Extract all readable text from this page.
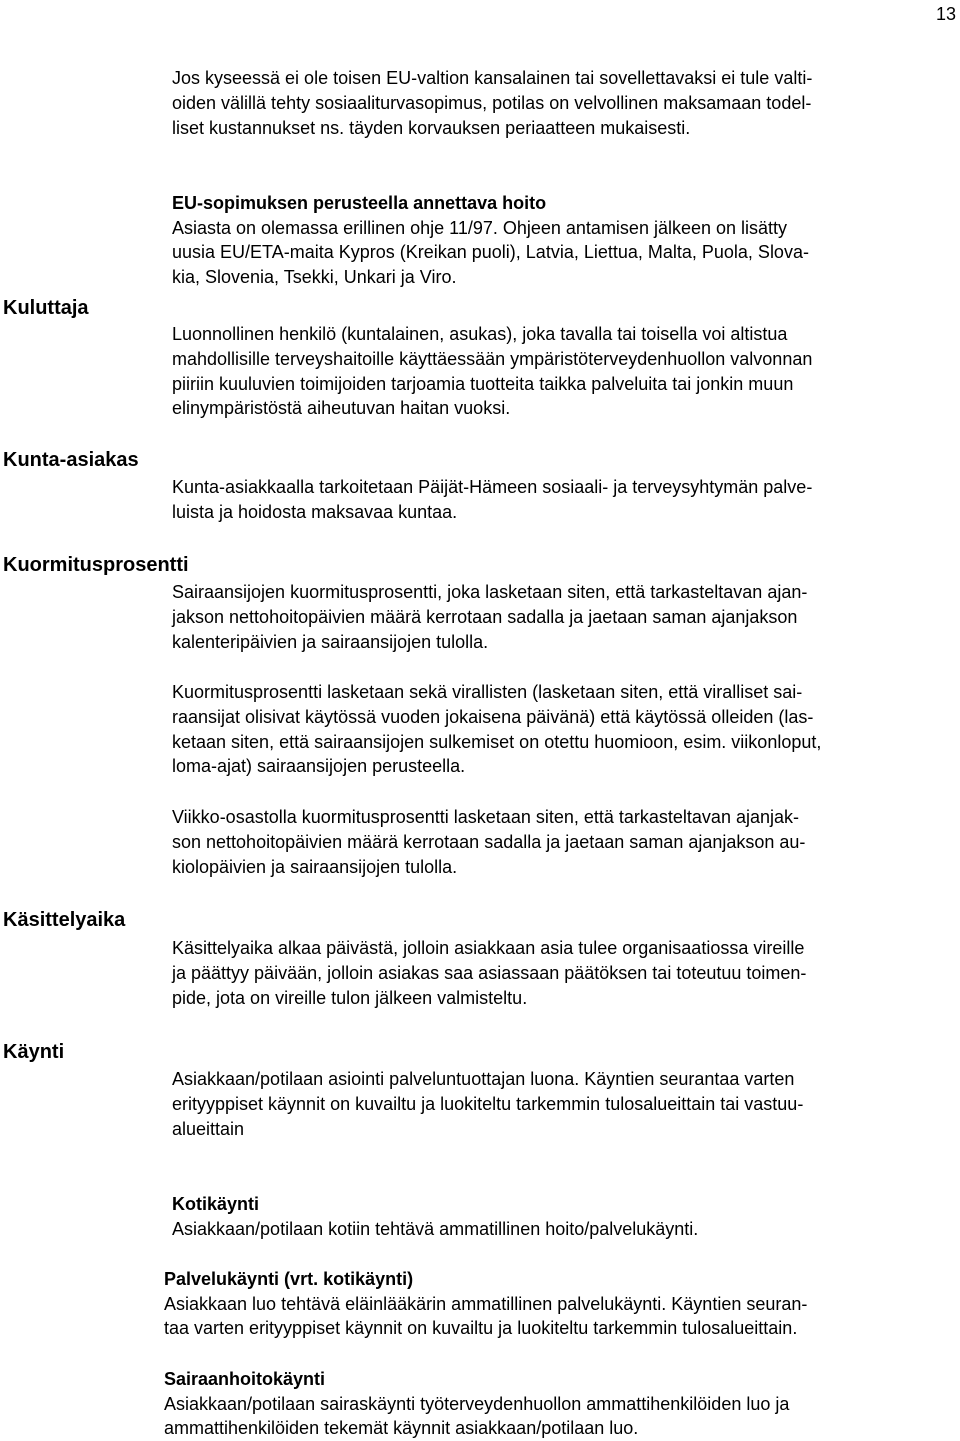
13
Jos kyseessä ei ole toisen EU-valtion kansalainen tai sovellettavaksi ei tule valti-
oiden välillä tehty sosiaaliturvasopimus, potilas on velvollinen maksamaan todel-
liset kustannukset ns. täyden korvauksen periaatteen mukaisesti.

EU-sopimuksen perusteella annettava hoito
Asiasta on olemassa erillinen ohje 11/97. Ohjeen antamisen jälkeen on lisätty
uusia EU/ETA-maita Kypros (Kreikan puoli), Latvia, Liettua, Malta, Puola, Slova-
kia, Slovenia, Tsekki, Unkari ja Viro.

Kuluttaja
Luonnollinen henkilö (kuntalainen, asukas), joka tavalla tai toisella voi altistua
mahdollisille terveyshaitoille käyttäessään ympäristöterveydenhuollon valvonnan
piiriin kuuluvien toimijoiden tarjoamia tuotteita taikka palveluita tai jonkin muun
elinympäristöstä aiheutuvan haitan vuoksi.
Kunta-asiakas
Kunta-asiakkaalla tarkoitetaan Päijät-Hämeen sosiaali- ja terveysyhtymän palve-
luista ja hoidosta maksavaa kuntaa.
Kuormitusprosentti
Sairaansijojen kuormitusprosentti, joka lasketaan siten, että tarkasteltavan ajan-
jakson nettohoitopäivien määrä kerrotaan sadalla ja jaetaan saman ajanjakson
kalenteripäivien ja sairaansijojen tulolla.
Kuormitusprosentti lasketaan sekä virallisten (lasketaan siten, että viralliset sai-
raansijat olisivat käytössä vuoden jokaisena päivänä) että käytössä olleiden (las-
ketaan siten, että sairaansijojen sulkemiset on otettu huomioon, esim. viikonloput,
loma-ajat) sairaansijojen perusteella.
Viikko-osastolla kuormitusprosentti lasketaan siten, että tarkasteltavan ajanjak-
son nettohoitopäivien määrä kerrotaan sadalla ja jaetaan saman ajanjakson au-
kiolopäivien ja sairaansijojen tulolla.
Käsittelyaika
Käsittelyaika alkaa päivästä, jolloin asiakkaan asia tulee organisaatiossa vireille
ja päättyy päivään, jolloin asiakas saa asiassaan päätöksen tai toteutuu toimen-
pide, jota on vireille tulon jälkeen valmisteltu.
Käynti
Asiakkaan/potilaan asiointi palveluntuottajan luona. Käyntien seurantaa varten
erityyppiset käynnit on kuvailtu ja luokiteltu tarkemmin tulosalueittain tai vastuu-
alueittain

Kotikäynti
Asiakkaan/potilaan kotiin tehtävä ammatillinen hoito/palvelukäynti.

Palvelukäynti (vrt. kotikäynti)
Asiakkaan luo tehtävä eläinlääkärin ammatillinen palvelukäynti. Käyntien seuran-
taa varten erityyppiset käynnit on kuvailtu ja luokiteltu tarkemmin tulosalueittain.

Sairaanhoitokäynti
Asiakkaan/potilaan sairaskäynti työterveydenhuollon ammattihenkilöiden luo ja
ammattihenkilöiden tekemät käynnit asiakkaan/potilaan luo.
